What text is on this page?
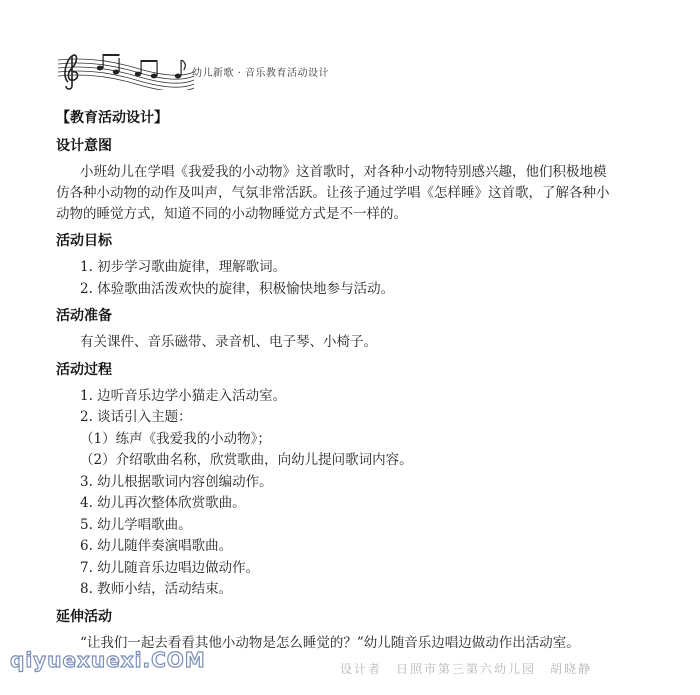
幼儿新歌 · 音乐教育活动设计
【教育活动设计】
设计意图

小班幼儿在学唱《我爱我的小动物》这首歌时，对各种小动物特别感兴趣，他们积极地模

仿各种小动物的动作及叫声，气氛非常活跃。让孩子通过学唱《怎样睡》这首歌，了解各种小

动物的睡觉方式，知道不同的小动物睡觉方式是不一样的。

活动目标

1. 初步学习歌曲旋律，理解歌词。

2. 体验歌曲活泼欢快的旋律，积极愉快地参与活动。

活动准备

有关课件、音乐磁带、录音机、电子琴、小椅子。

活动过程

1. 边听音乐边学小猫走入活动室。

2. 谈话引入主题：

（1）练声《我爱我的小动物》；

（2）介绍歌曲名称，欣赏歌曲，向幼儿提问歌词内容。

3. 幼儿根据歌词内容创编动作。

4. 幼儿再次整体欣赏歌曲。

5. 幼儿学唱歌曲。

6. 幼儿随伴奏演唱歌曲。

7. 幼儿随音乐边唱边做动作。

8. 教师小结，活动结束。

延伸活动

“让我们一起去看看其他小动物是怎么睡觉的？”幼儿随音乐边唱边做动作出活动室。

设计者　日照市第三第六幼儿园　胡晓静
qiyuexuexi.COM
